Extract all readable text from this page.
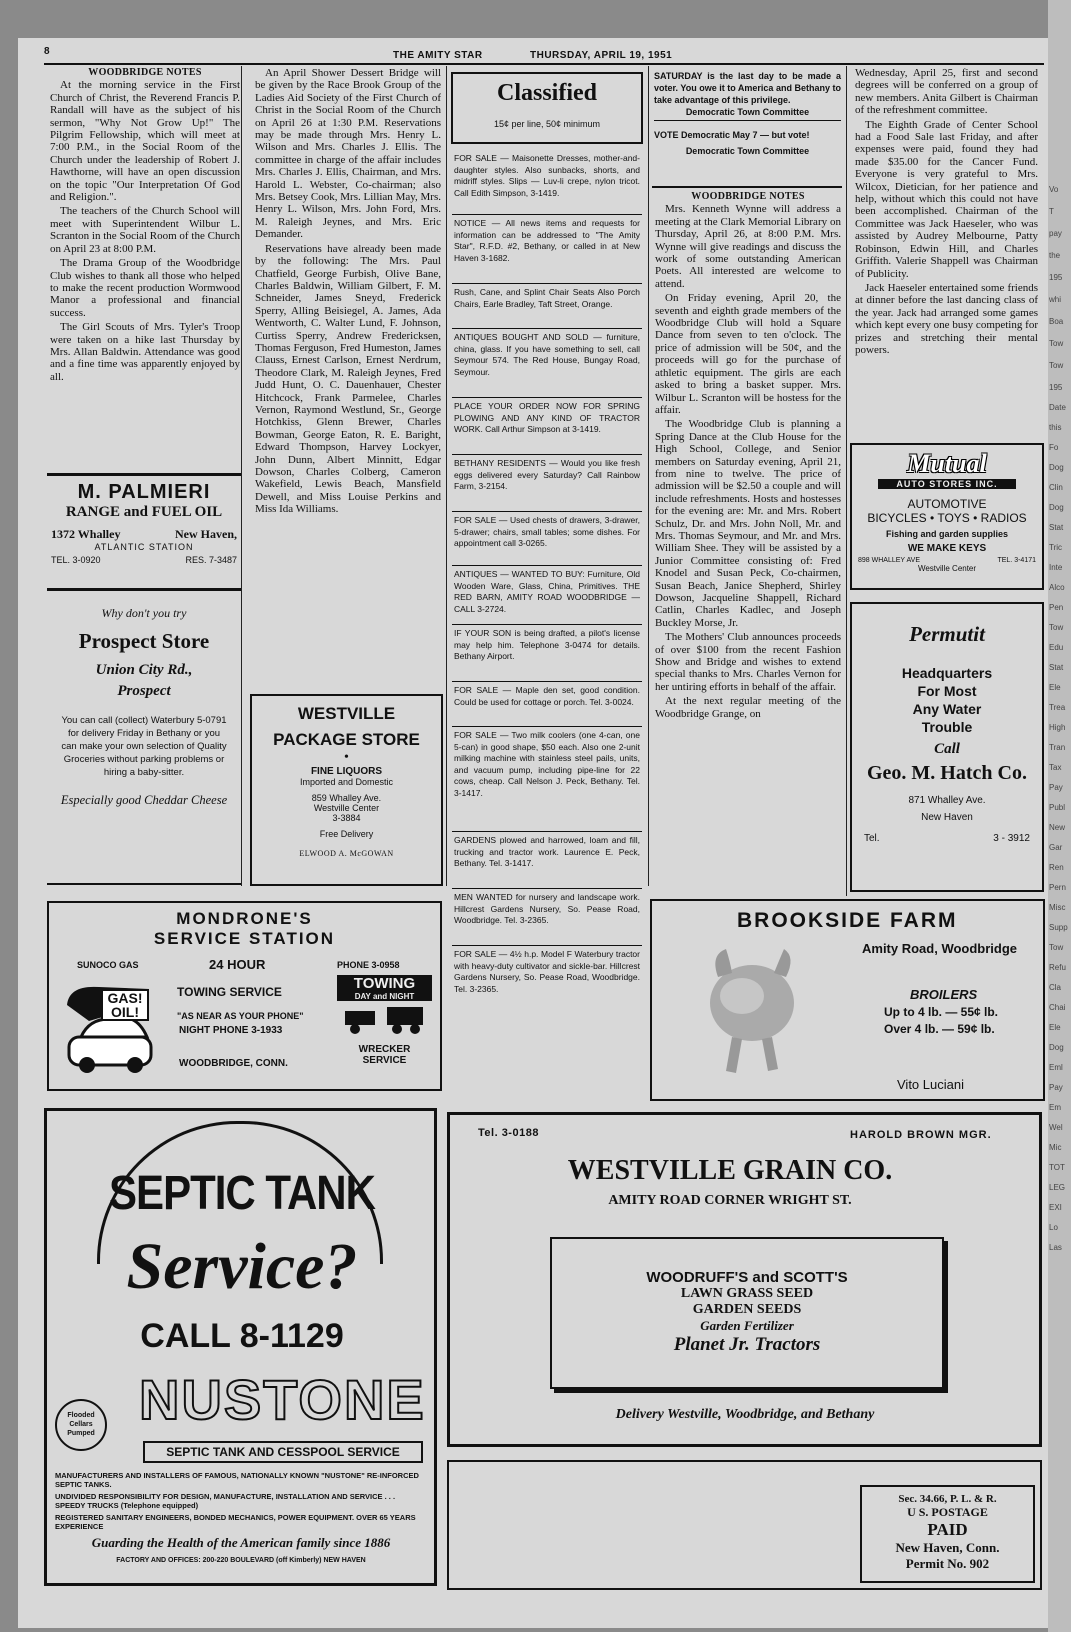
8	THE AMITY STAR	THURSDAY, APRIL 19, 1951
WOODBRIDGE NOTES

At the morning service in the First Church of Christ, the Reverend Francis P. Randall will have as the subject of his sermon, "Why Not Grow Up!" The Pilgrim Fellowship, which will meet at 7:00 P.M., in the Social Room of the Church under the leadership of Robert J. Hawthorne, will have an open discussion on the topic "Our Interpretation Of God and Religion.".

The teachers of the Church School will meet with Superintendent Wilbur L. Scranton in the Social Room of the Church on April 23 at 8:00 P.M.

The Drama Group of the Woodbridge Club wishes to thank all those who helped to make the recent production Wormwood Manor a professional and financial success.

The Girl Scouts of Mrs. Tyler's Troop were taken on a hike last Thursday by Mrs. Allan Baldwin. Attendance was good and a fine time was apparently enjoyed by all.

M. PALMIERI
RANGE and FUEL OIL
1372 Whalley	New Haven,
ATLANTIC STATION
TEL. 3-0920	RES. 7-3487
Why don't you try
Prospect Store
Union City Rd.,
Prospect
You can call (collect) Waterbury 5-0791 for delivery Friday in Bethany or you can make your own selection of Quality Groceries without parking problems or hiring a baby-sitter.
Especially good Cheddar Cheese

An April Shower Dessert Bridge will be given by the Race Brook Group of the Ladies Aid Society of the First Church of Christ in the Social Room of the Church on April 26 at 1:30 P.M. Reservations may be made through Mrs. Henry L. Wilson and Mrs. Charles J. Ellis. The committee in charge of the affair includes Mrs. Charles J. Ellis, Chairman, and Mrs. Harold L. Webster, Co-chairman; also Mrs. Betsey Cook, Mrs. Lillian May, Mrs. Henry L. Wilson, Mrs. John Ford, Mrs. M. Raleigh Jeynes, and Mrs. Eric Demander.

Reservations have already been made by the following: The Mrs. Paul Chatfield, George Furbish, Olive Bane, Charles Baldwin, William Gilbert, F. M. Schneider, James Sneyd, Frederick Sperry, Alling Beisiegel, A. James, Ada Wentworth, C. Walter Lund, F. Johnson, Curtiss Sperry, Andrew Fredericksen, Thomas Ferguson, Fred Humeston, James Clauss, Ernest Carlson, Ernest Nerdrum, Theodore Clark, M. Raleigh Jeynes, Fred Judd Hunt, O. C. Dauenhauer, Chester Hitchcock, Frank Parmelee, Charles Vernon, Raymond Westlund, Sr., George Hotchkiss, Glenn Brewer, Charles Bowman, George Eaton, R. E. Baright, Edward Thompson, Harvey Lockyer, John Dunn, Albert Minnitt, Edgar Dowson, Charles Colberg, Cameron Wakefield, Lewis Beach, Mansfield Dewell, and Miss Louise Perkins and Miss Ida Williams.

WESTVILLE
PACKAGE STORE
•
FINE LIQUORS
Imported and Domestic
859 Whalley Ave.
Westville Center
3-3884
Free Delivery
ELWOOD A. McGOWAN
Classified
15¢ per line, 50¢ minimum
FOR SALE — Maisonette Dresses, mother-and-daughter styles. Also sunbacks, shorts, and midriff styles. Slips — Luv-li crepe, nylon tricot. Call Edith Simpson, 3-1419.
NOTICE — All news items and requests for information can be addressed to "The Amity Star", R.F.D. #2, Bethany, or called in at New Haven 3-1682.
Rush, Cane, and Splint Chair Seats Also Porch Chairs, Earle Bradley, Taft Street, Orange.
ANTIQUES BOUGHT AND SOLD — furniture, china, glass. If you have something to sell, call Seymour 574. The Red House, Bungay Road, Seymour.
PLACE YOUR ORDER NOW FOR SPRING PLOWING AND ANY KIND OF TRACTOR WORK. Call Arthur Simpson at 3-1419.
BETHANY RESIDENTS — Would you like fresh eggs delivered every Saturday? Call Rainbow Farm, 3-2154.
FOR SALE — Used chests of drawers, 3-drawer, 5-drawer; chairs, small tables; some dishes. For appointment call 3-0265.
ANTIQUES — WANTED TO BUY: Furniture, Old Wooden Ware, Glass, China, Primitives. THE RED BARN, AMITY ROAD WOODBRIDGE — CALL 3-2724.
IF YOUR SON is being drafted, a pilot's license may help him. Telephone 3-0474 for details. Bethany Airport.
FOR SALE — Maple den set, good condition. Could be used for cottage or porch. Tel. 3-0024.
FOR SALE — Two milk coolers (one 4-can, one 5-can) in good shape, $50 each. Also one 2-unit milking machine with stainless steel pails, units, and vacuum pump, including pipe-line for 22 cows, cheap. Call Nelson J. Peck, Bethany. Tel. 3-1417.
GARDENS plowed and harrowed, loam and fill, trucking and tractor work. Laurence E. Peck, Bethany. Tel. 3-1417.
MEN WANTED for nursery and landscape work. Hillcrest Gardens Nursery, So. Pease Road, Woodbridge. Tel. 3-2365.
FOR SALE — 4½ h.p. Model F Waterbury tractor with heavy-duty cultivator and sickle-bar. Hillcrest Gardens Nursery, So. Pease Road, Woodbridge. Tel. 3-2365.
SATURDAY is the last day to be made a voter. You owe it to America and Bethany to take advantage of this privilege.
Democratic Town Committee
VOTE Democratic May 7 — but vote!
Democratic Town Committee
WOODBRIDGE NOTES

Mrs. Kenneth Wynne will address a meeting at the Clark Memorial Library on Thursday, April 26, at 8:00 P.M. Mrs. Wynne will give readings and discuss the work of some outstanding American Poets. All interested are welcome to attend.

On Friday evening, April 20, the seventh and eighth grade members of the Woodbridge Club will hold a Square Dance from seven to ten o'clock. The price of admission will be 50¢, and the proceeds will go for the purchase of athletic equipment. The girls are each asked to bring a basket supper. Mrs. Wilbur L. Scranton will be hostess for the affair.

The Woodbridge Club is planning a Spring Dance at the Club House for the High School, College, and Senior members on Saturday evening, April 21, from nine to twelve. The price of admission will be $2.50 a couple and will include refreshments. Hosts and hostesses for the evening are: Mr. and Mrs. Robert Schulz, Dr. and Mrs. John Noll, Mr. and Mrs. Thomas Seymour, and Mr. and Mrs. William Shee. They will be assisted by a Junior Committee consisting of: Fred Knodel and Susan Peck, Co-chairmen, Susan Beach, Janice Shepherd, Shirley Dowson, Jacqueline Shappell, Richard Catlin, Charles Kadlec, and Joseph Buckley Morse, Jr.

The Mothers' Club announces proceeds of over $100 from the recent Fashion Show and Bridge and wishes to extend special thanks to Mrs. Charles Vernon for her untiring efforts in behalf of the affair.

At the next regular meeting of the Woodbridge Grange, on

Wednesday, April 25, first and second degrees will be conferred on a group of new members. Anita Gilbert is Chairman of the refreshment committee.

The Eighth Grade of Center School had a Food Sale last Friday, and after expenses were paid, found they had made $35.00 for the Cancer Fund. Everyone is very grateful to Mrs. Wilcox, Dietician, for her patience and help, without which this could not have been accomplished. Chairman of the Committee was Jack Haeseler, who was assisted by Audrey Melbourne, Patty Robinson, Edwin Hill, and Charles Griffith. Valerie Shappell was Chairman of Publicity.

Jack Haeseler entertained some friends at dinner before the last dancing class of the year. Jack had arranged some games which kept every one busy competing for prizes and stretching their mental powers.

Mutual
AUTO STORES INC.
AUTOMOTIVE
BICYCLES • TOYS • RADIOS
Fishing and garden supplies
WE MAKE KEYS
898 WHALLEY AVE	TEL. 3-4171
Westville Center
Permutit
Headquarters
For Most
Any Water
Trouble
Call
Geo. M. Hatch Co.
871 Whalley Ave.
New Haven
Tel.	3 - 3912
MONDRONE'S
SERVICE STATION
SUNOCO GAS	24 HOUR	PHONE 3-0958
TOWING SERVICE
"AS NEAR AS YOUR PHONE"
NIGHT PHONE 3-1933
WOODBRIDGE, CONN.
GAS! OIL!
TOWING
DAY and NIGHT
WRECKER SERVICE
BROOKSIDE FARM
Amity Road, Woodbridge
BROILERS
Up to 4 lb. — 55¢ lb.
Over 4 lb. — 59¢ lb.
Vito Luciani
SEPTIC TANK
Service?
CALL 8-1129
Flooded Cellars Pumped
NUSTONE
SEPTIC TANK AND CESSPOOL SERVICE
MANUFACTURERS AND INSTALLERS OF FAMOUS, NATIONALLY KNOWN "NUSTONE" RE-INFORCED SEPTIC TANKS.
UNDIVIDED RESPONSIBILITY FOR DESIGN, MANUFACTURE, INSTALLATION AND SERVICE . . . SPEEDY TRUCKS (Telephone equipped)
REGISTERED SANITARY ENGINEERS, BONDED MECHANICS, POWER EQUIPMENT. OVER 65 YEARS EXPERIENCE
Guarding the Health of the American family since 1886
FACTORY AND OFFICES: 200-220 BOULEVARD (off Kimberly) NEW HAVEN
Tel. 3-0188	HAROLD BROWN MGR.
WESTVILLE GRAIN CO.
AMITY ROAD CORNER WRIGHT ST.
WOODRUFF'S and SCOTT'S
LAWN GRASS SEED
GARDEN SEEDS
Garden Fertilizer
Planet Jr. Tractors
Delivery Westville, Woodbridge, and Bethany
Sec. 34.66, P. L. & R.
U S. POSTAGE
PAID
New Haven, Conn.
Permit No. 902
Vo
T
pay
the
195
whi
Boa
Tow
Tow
195
Date
this
Fo
Dog
Clin
Dog
Stat
Tric
Inte
Alco
Pen
Tow
Edu
Stat
Ele
Trea
High
Tran
Tax
Pay
Publ
New
Gar
Ren
Pern
Misc
Supp
Tow
Refu
Cla
Chai
Ele
Dog
Eml
Pay
Em
Wel
Mic
TOT
LEG
EXI
Lo
Las
